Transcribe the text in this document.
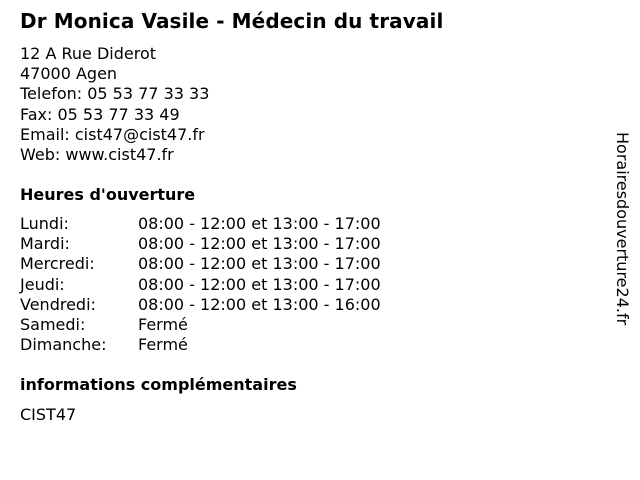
Dr Monica Vasile - Médecin du travail
12 A Rue Diderot
47000 Agen
Telefon: 05 53 77 33 33
Fax: 05 53 77 33 49
Email: cist47@cist47.fr
Web: www.cist47.fr
Heures d'ouverture
Lundi:	08:00 - 12:00 et 13:00 - 17:00
Mardi:	08:00 - 12:00 et 13:00 - 17:00
Mercredi:	08:00 - 12:00 et 13:00 - 17:00
Jeudi:	08:00 - 12:00 et 13:00 - 17:00
Vendredi:	08:00 - 12:00 et 13:00 - 16:00
Samedi:	Fermé
Dimanche:	Fermé
informations complémentaires
CIST47
Horairesdouverture24.fr
